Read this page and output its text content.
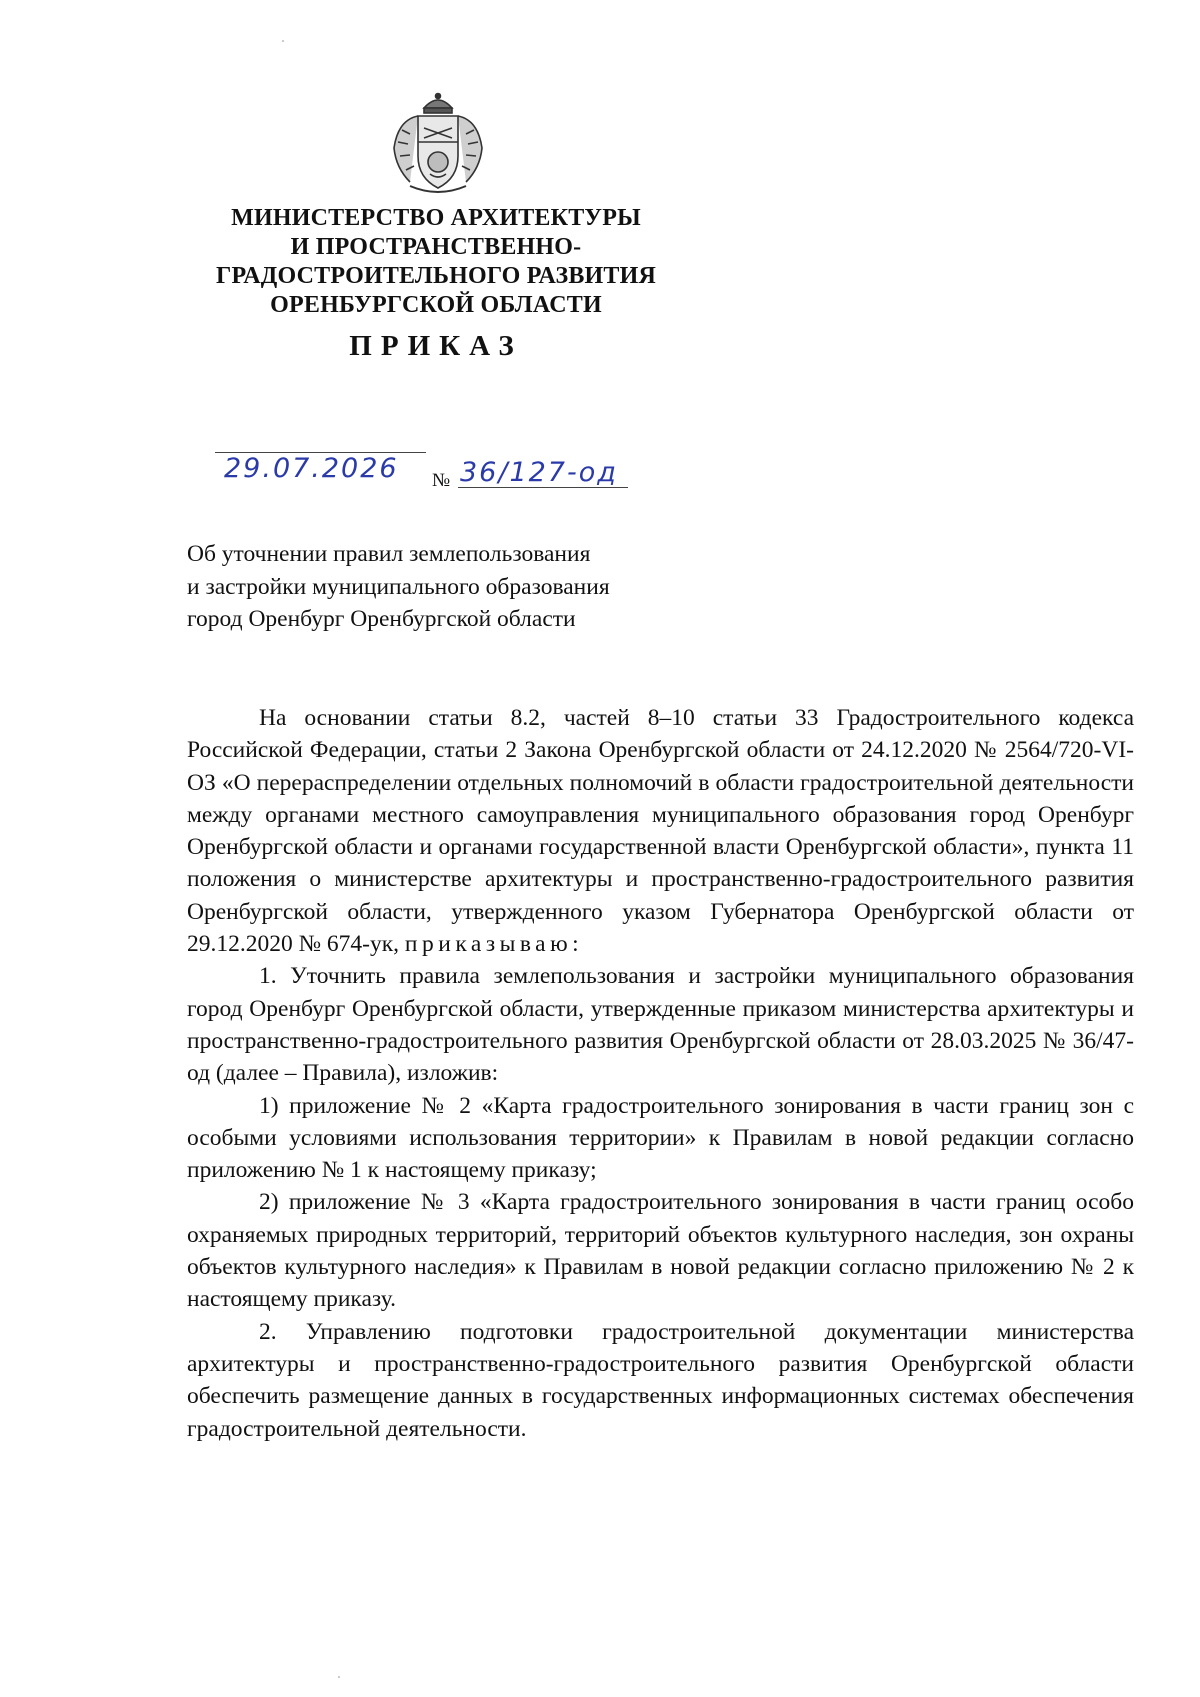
МИНИСТЕРСТВО АРХИТЕКТУРЫ
И ПРОСТРАНСТВЕННО-
ГРАДОСТРОИТЕЛЬНОГО РАЗВИТИЯ
ОРЕНБУРГСКОЙ ОБЛАСТИ
ПРИКАЗ
29.07.2026 № 36/127-од
Об уточнении правил землепользования
и застройки муниципального образования
город Оренбург Оренбургской области

На основании статьи 8.2, частей 8–10 статьи 33 Градостроительного кодекса Российской Федерации, статьи 2 Закона Оренбургской области от 24.12.2020 № 2564/720-VI-ОЗ «О перераспределении отдельных полномочий в области градостроительной деятельности между органами местного самоуправления муниципального образования город Оренбург Оренбургской области и органами государственной власти Оренбургской области», пункта 11 положения о министерстве архитектуры и пространственно-градостроительного развития Оренбургской области, утвержденного указом Губернатора Оренбургской области от 29.12.2020 № 674-ук, приказываю:

1. Уточнить правила землепользования и застройки муниципального образования город Оренбург Оренбургской области, утвержденные приказом министерства архитектуры и пространственно-градостроительного развития Оренбургской области от 28.03.2025 № 36/47-од (далее – Правила), изложив:

1) приложение № 2 «Карта градостроительного зонирования в части границ зон с особыми условиями использования территории» к Правилам в новой редакции согласно приложению № 1 к настоящему приказу;

2) приложение № 3 «Карта градостроительного зонирования в части границ особо охраняемых природных территорий, территорий объектов культурного наследия, зон охраны объектов культурного наследия» к Правилам в новой редакции согласно приложению № 2 к настоящему приказу.

2. Управлению подготовки градостроительной документации министерства архитектуры и пространственно-градостроительного развития Оренбургской области обеспечить размещение данных в государственных информационных системах обеспечения градостроительной деятельности.
